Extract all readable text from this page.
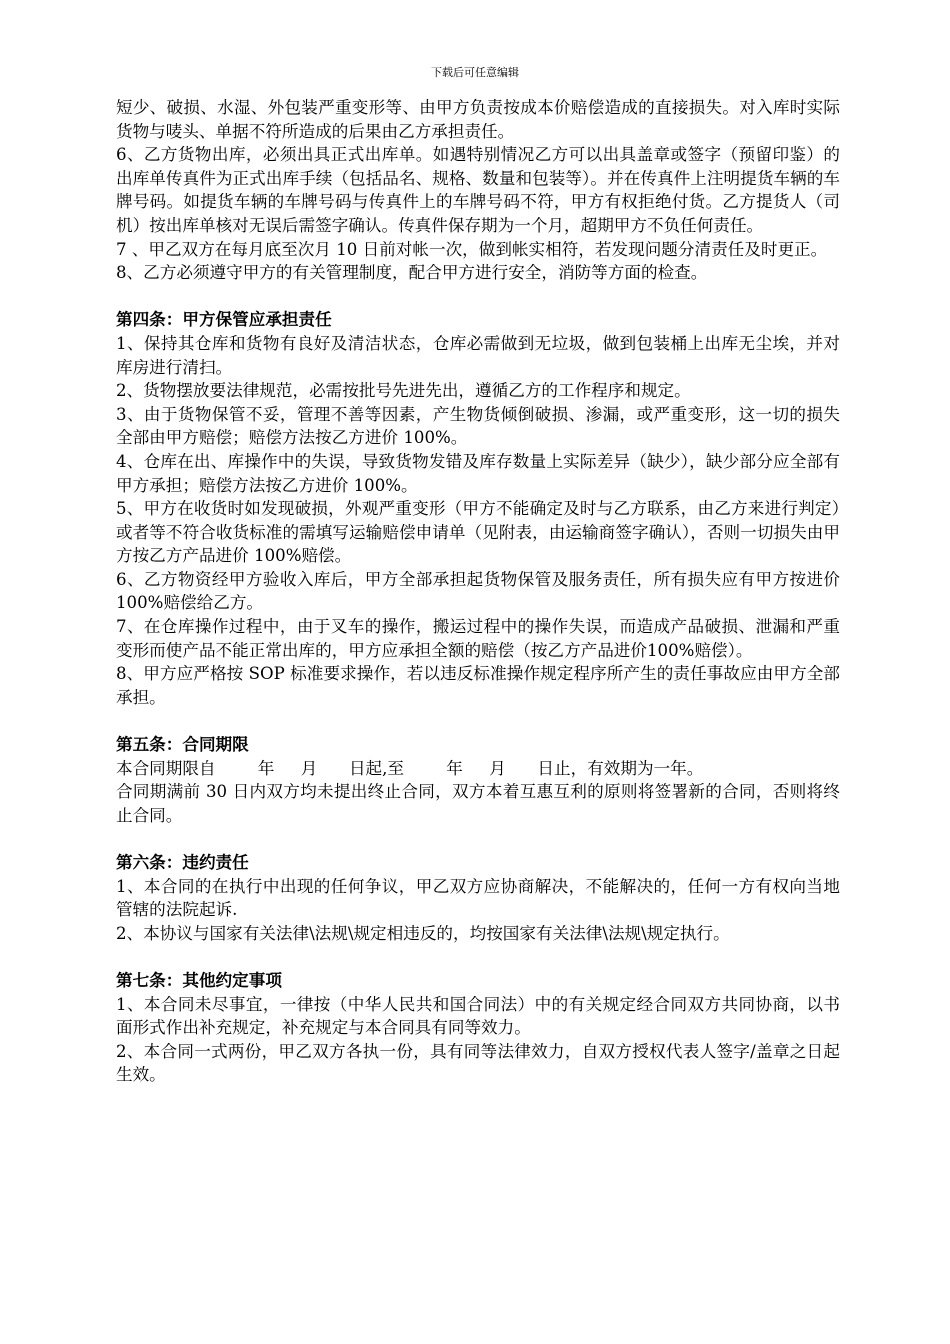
下载后可任意编辑

短少、破损、水湿、外包装严重变形等、由甲方负责按成本价赔偿造成的直接损失。对入库时实际货物与唛头、单据不符所造成的后果由乙方承担责任。

6、乙方货物出库，必须出具正式出库单。如遇特别情况乙方可以出具盖章或签字（预留印鉴）的出库单传真件为正式出库手续（包括品名、规格、数量和包装等）。并在传真件上注明提货车辆的车牌号码。如提货车辆的车牌号码与传真件上的车牌号码不符，甲方有权拒绝付货。乙方提货人（司机）按出库单核对无误后需签字确认。传真件保存期为一个月，超期甲方不负任何责任。

7 、甲乙双方在每月底至次月 10 日前对帐一次，做到帐实相符，若发现问题分清责任及时更正。

8、乙方必须遵守甲方的有关管理制度，配合甲方进行安全，消防等方面的检查。

第四条：甲方保管应承担责任

1、保持其仓库和货物有良好及清洁状态，仓库必需做到无垃圾，做到包装桶上出库无尘埃，并对库房进行清扫。

2、货物摆放要法律规范，必需按批号先进先出，遵循乙方的工作程序和规定。

3、由于货物保管不妥，管理不善等因素，产生物货倾倒破损、渗漏，或严重变形，这一切的损失全部由甲方赔偿；赔偿方法按乙方进价 100%。

4、仓库在出、库操作中的失误，导致货物发错及库存数量上实际差异（缺少），缺少部分应全部有甲方承担；赔偿方法按乙方进价 100%。

5、甲方在收货时如发现破损，外观严重变形（甲方不能确定及时与乙方联系，由乙方来进行判定）或者等不符合收货标准的需填写运输赔偿申请单（见附表，由运输商签字确认），否则一切损失由甲方按乙方产品进价 100%赔偿。

6、乙方物资经甲方验收入库后，甲方全部承担起货物保管及服务责任，所有损失应有甲方按进价 100%赔偿给乙方。

7、在仓库操作过程中，由于叉车的操作，搬运过程中的操作失误，而造成产品破损、泄漏和严重变形而使产品不能正常出库的，甲方应承担全额的赔偿（按乙方产品进价100%赔偿）。

8、甲方应严格按 SOP 标准要求操作，若以违反标准操作规定程序所产生的责任事故应由甲方全部承担。

第五条：合同期限

本合同期限自        年     月      日起,至        年     月      日止，有效期为一年。

合同期满前 30 日内双方均未提出终止合同，双方本着互惠互利的原则将签署新的合同，否则将终止合同。

第六条：违约责任

1、本合同的在执行中出现的任何争议，甲乙双方应协商解决，不能解决的，任何一方有权向当地管辖的法院起诉.

2、本协议与国家有关法律\法规\规定相违反的，均按国家有关法律\法规\规定执行。

第七条：其他约定事项

1、本合同未尽事宜，一律按（中华人民共和国合同法）中的有关规定经合同双方共同协商，以书面形式作出补充规定，补充规定与本合同具有同等效力。

2、本合同一式两份，甲乙双方各执一份，具有同等法律效力，自双方授权代表人签字/盖章之日起生效。
